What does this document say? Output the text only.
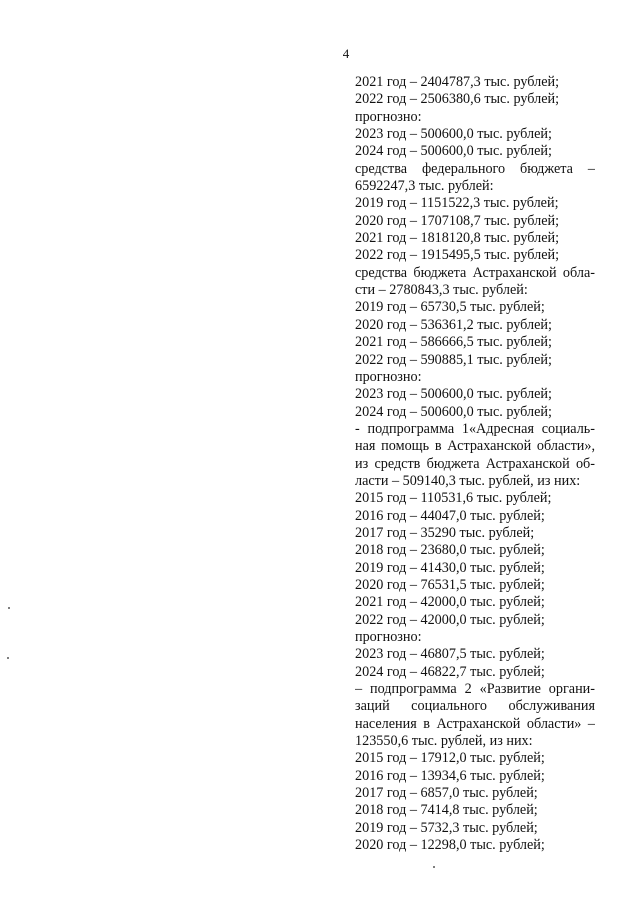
4
2021 год – 2404787,3 тыс. рублей;
2022 год – 2506380,6 тыс. рублей;
прогнозно:
2023 год – 500600,0 тыс. рублей;
2024 год – 500600,0 тыс. рублей;
средства федерального бюджета –
6592247,3 тыс. рублей:
2019 год – 1151522,3 тыс. рублей;
2020 год – 1707108,7 тыс. рублей;
2021 год – 1818120,8 тыс. рублей;
2022 год – 1915495,5 тыс. рублей;
средства бюджета Астраханской обла-
сти – 2780843,3 тыс. рублей:
2019 год – 65730,5 тыс. рублей;
2020 год – 536361,2 тыс. рублей;
2021 год – 586666,5 тыс. рублей;
2022 год – 590885,1 тыс. рублей;
прогнозно:
2023 год – 500600,0 тыс. рублей;
2024 год – 500600,0 тыс. рублей;
- подпрограмма 1«Адресная социаль-
ная помощь в Астраханской области»,
из средств бюджета Астраханской об-
ласти – 509140,3 тыс. рублей, из них:
2015 год – 110531,6 тыс. рублей;
2016 год – 44047,0 тыс. рублей;
2017 год – 35290 тыс. рублей;
2018 год – 23680,0 тыс. рублей;
2019 год – 41430,0 тыс. рублей;
2020 год – 76531,5 тыс. рублей;
2021 год – 42000,0 тыс. рублей;
2022 год – 42000,0 тыс. рублей;
прогнозно:
2023 год – 46807,5 тыс. рублей;
2024 год – 46822,7 тыс. рублей;
– подпрограмма 2 «Развитие органи-
заций социального обслуживания
населения в Астраханской области» –
123550,6 тыс. рублей, из них:
2015 год – 17912,0 тыс. рублей;
2016 год – 13934,6 тыс. рублей;
2017 год – 6857,0 тыс. рублей;
2018 год – 7414,8 тыс. рублей;
2019 год – 5732,3 тыс. рублей;
2020 год – 12298,0 тыс. рублей;
